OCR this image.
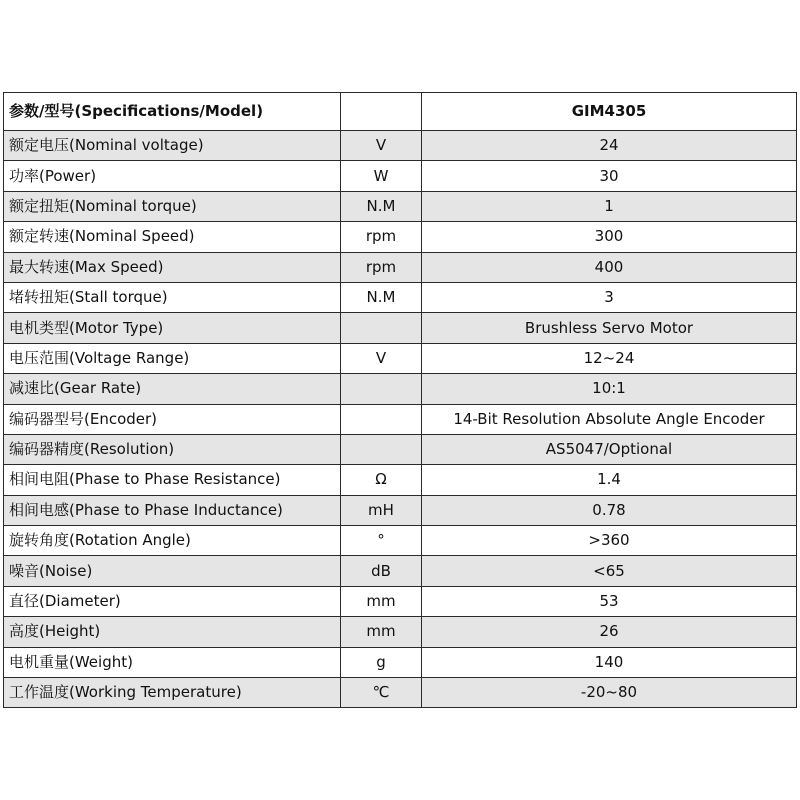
参数/型号(Specifications/Model)		GIM4305
额定电压(Nominal voltage)	V	24
功率(Power)	W	30
额定扭矩(Nominal torque)	N.M	1
额定转速(Nominal Speed)	rpm	300
最大转速(Max Speed)	rpm	400
堵转扭矩(Stall torque)	N.M	3
电机类型(Motor Type)		Brushless Servo Motor
电压范围(Voltage Range)	V	12~24
减速比(Gear Rate)		10:1
编码器型号(Encoder)		14-Bit Resolution Absolute Angle Encoder
编码器精度(Resolution)		AS5047/Optional
相间电阻(Phase to Phase Resistance)	Ω	1.4
相间电感(Phase to Phase Inductance)	mH	0.78
旋转角度(Rotation Angle)	°	>360
噪音(Noise)	dB	<65
直径(Diameter)	mm	53
高度(Height)	mm	26
电机重量(Weight)	g	140
工作温度(Working Temperature)	℃	-20~80
